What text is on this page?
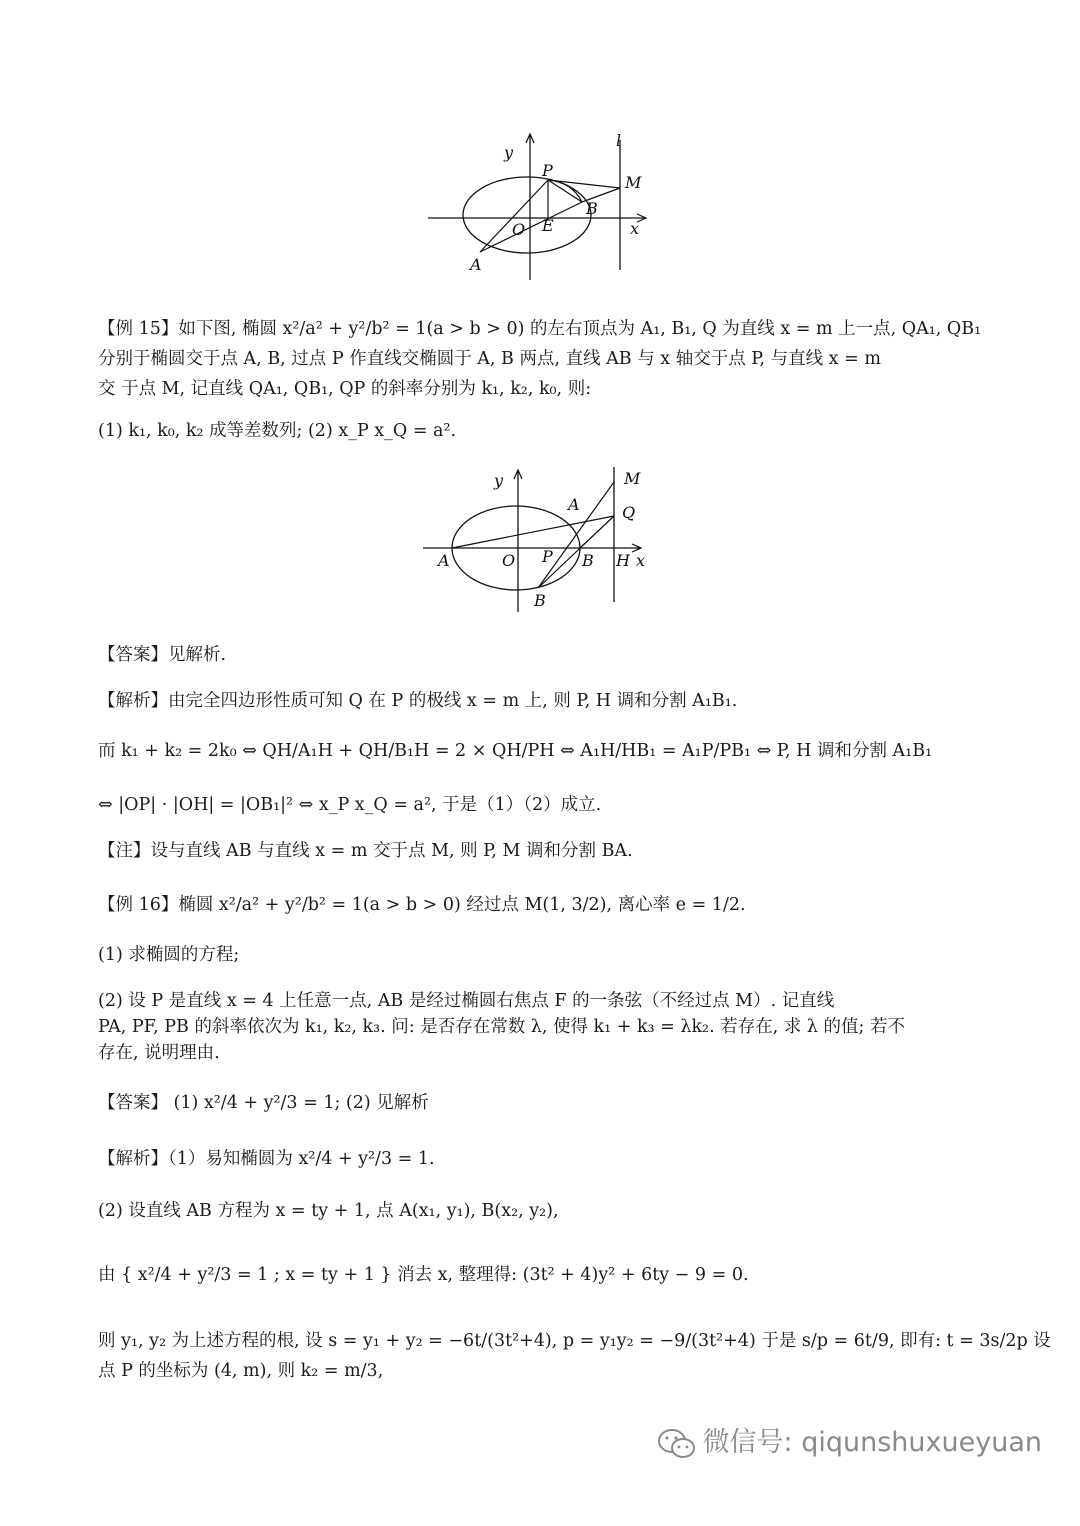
y
l
P
M
B
O E	x
A
【例 15】如下图, 椭圆 x²/a² + y²/b² = 1(a > b > 0) 的左右顶点为 A₁, B₁, Q 为直线 x = m 上一点, QA₁, QB₁
分别于椭圆交于点 A, B, 过点 P 作直线交椭圆于 A, B 两点, 直线 AB 与 x 轴交于点 P, 与直线 x = m
交 于点 M, 记直线 QA₁, QB₁, QP 的斜率分别为 k₁, k₂, k₀, 则:
(1) k₁, k₀, k₂ 成等差数列; (2) x_P x_Q = a².
y	M
A	Q
A	O P B H x
B
【答案】见解析.
【解析】由完全四边形性质可知 Q 在 P 的极线 x = m 上, 则 P, H 调和分割 A₁B₁.
而 k₁ + k₂ = 2k₀ ⇔ QH/A₁H + QH/B₁H = 2 × QH/PH ⇔ A₁H/HB₁ = A₁P/PB₁ ⇔ P, H 调和分割 A₁B₁
⇔ |OP| · |OH| = |OB₁|² ⇔ x_P x_Q = a², 于是（1）（2）成立.
【注】设与直线 AB 与直线 x = m 交于点 M, 则 P, M 调和分割 BA.
【例 16】椭圆 x²/a² + y²/b² = 1(a > b > 0) 经过点 M(1, 3/2), 离心率 e = 1/2.
(1) 求椭圆的方程;
(2) 设 P 是直线 x = 4 上任意一点, AB 是经过椭圆右焦点 F 的一条弦（不经过点 M）. 记直线
PA, PF, PB 的斜率依次为 k₁, k₂, k₃. 问: 是否存在常数 λ, 使得 k₁ + k₃ = λk₂. 若存在, 求 λ 的值; 若不
存在, 说明理由.
【答案】 (1) x²/4 + y²/3 = 1; (2) 见解析
【解析】（1）易知椭圆为 x²/4 + y²/3 = 1.
(2) 设直线 AB 方程为 x = ty + 1, 点 A(x₁, y₁), B(x₂, y₂),
由 { x²/4 + y²/3 = 1 ; x = ty + 1 } 消去 x, 整理得: (3t² + 4)y² + 6ty − 9 = 0.
则 y₁, y₂ 为上述方程的根, 设 s = y₁ + y₂ = −6t/(3t²+4), p = y₁y₂ = −9/(3t²+4) 于是 s/p = 6t/9, 即有: t = 3s/2p 设
点 P 的坐标为 (4, m), 则 k₂ = m/3,
微信号: qiqunshuxueyuan
